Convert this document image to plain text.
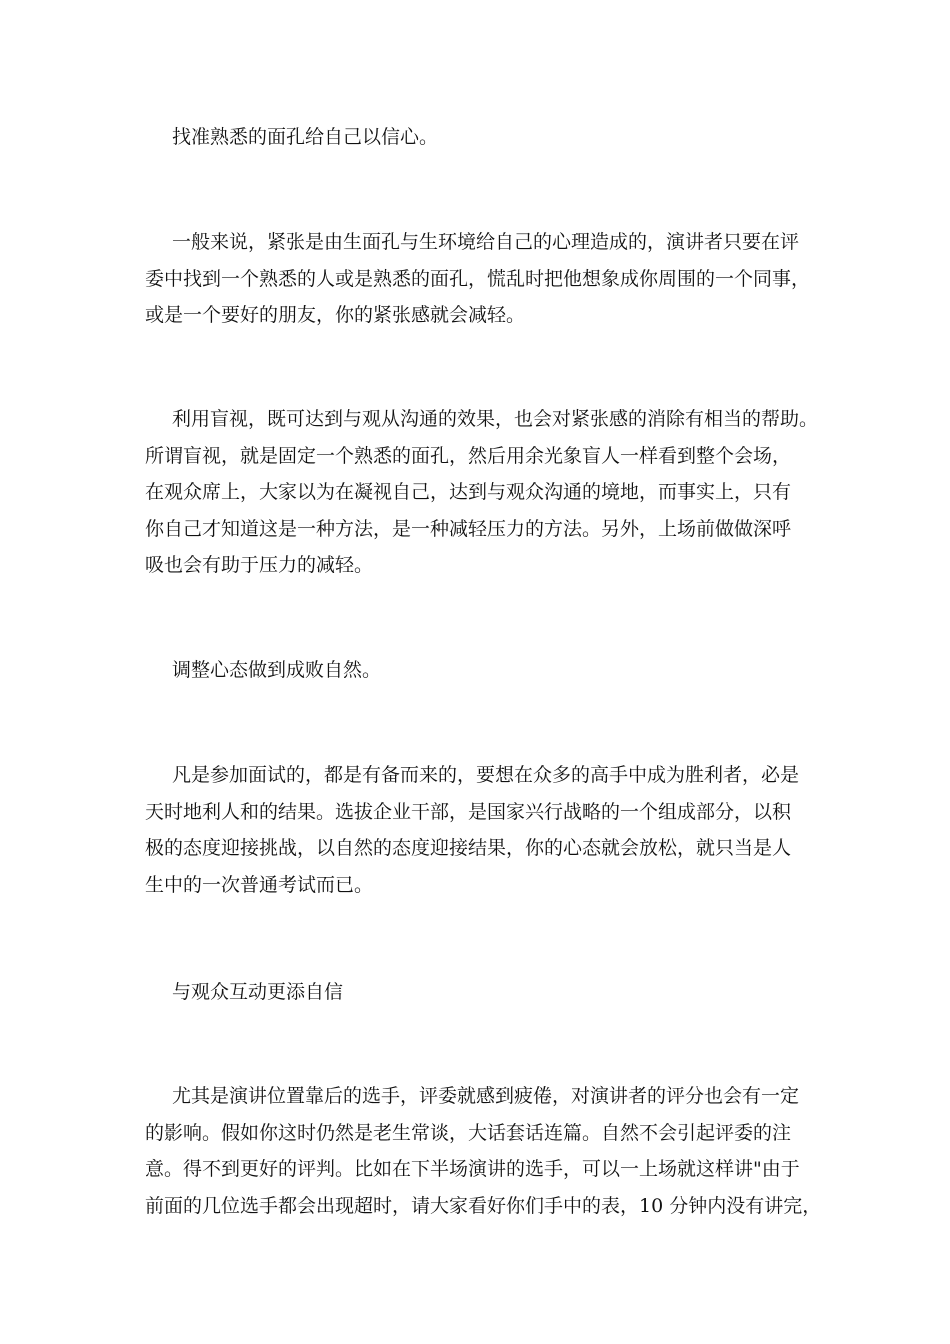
找准熟悉的面孔给自己以信心。

一般来说，紧张是由生面孔与生环境给自己的心理造成的，演讲者只要在评
委中找到一个熟悉的人或是熟悉的面孔，慌乱时把他想象成你周围的一个同事，
或是一个要好的朋友，你的紧张感就会减轻。
利用盲视，既可达到与观从沟通的效果，也会对紧张感的消除有相当的帮助。
所谓盲视，就是固定一个熟悉的面孔，然后用余光象盲人一样看到整个会场，
在观众席上，大家以为在凝视自己，达到与观众沟通的境地，而事实上，只有
你自己才知道这是一种方法，是一种减轻压力的方法。另外，上场前做做深呼
吸也会有助于压力的减轻。

调整心态做到成败自然。

凡是参加面试的，都是有备而来的，要想在众多的高手中成为胜利者，必是
天时地利人和的结果。选拔企业干部，是国家兴行战略的一个组成部分，以积
极的态度迎接挑战，以自然的态度迎接结果，你的心态就会放松，就只当是人
生中的一次普通考试而已。

与观众互动更添自信

尤其是演讲位置靠后的选手，评委就感到疲倦，对演讲者的评分也会有一定
的影响。假如你这时仍然是老生常谈，大话套话连篇。自然不会引起评委的注
意。得不到更好的评判。比如在下半场演讲的选手，可以一上场就这样讲"由于
前面的几位选手都会出现超时，请大家看好你们手中的表，10 分钟内没有讲完，
